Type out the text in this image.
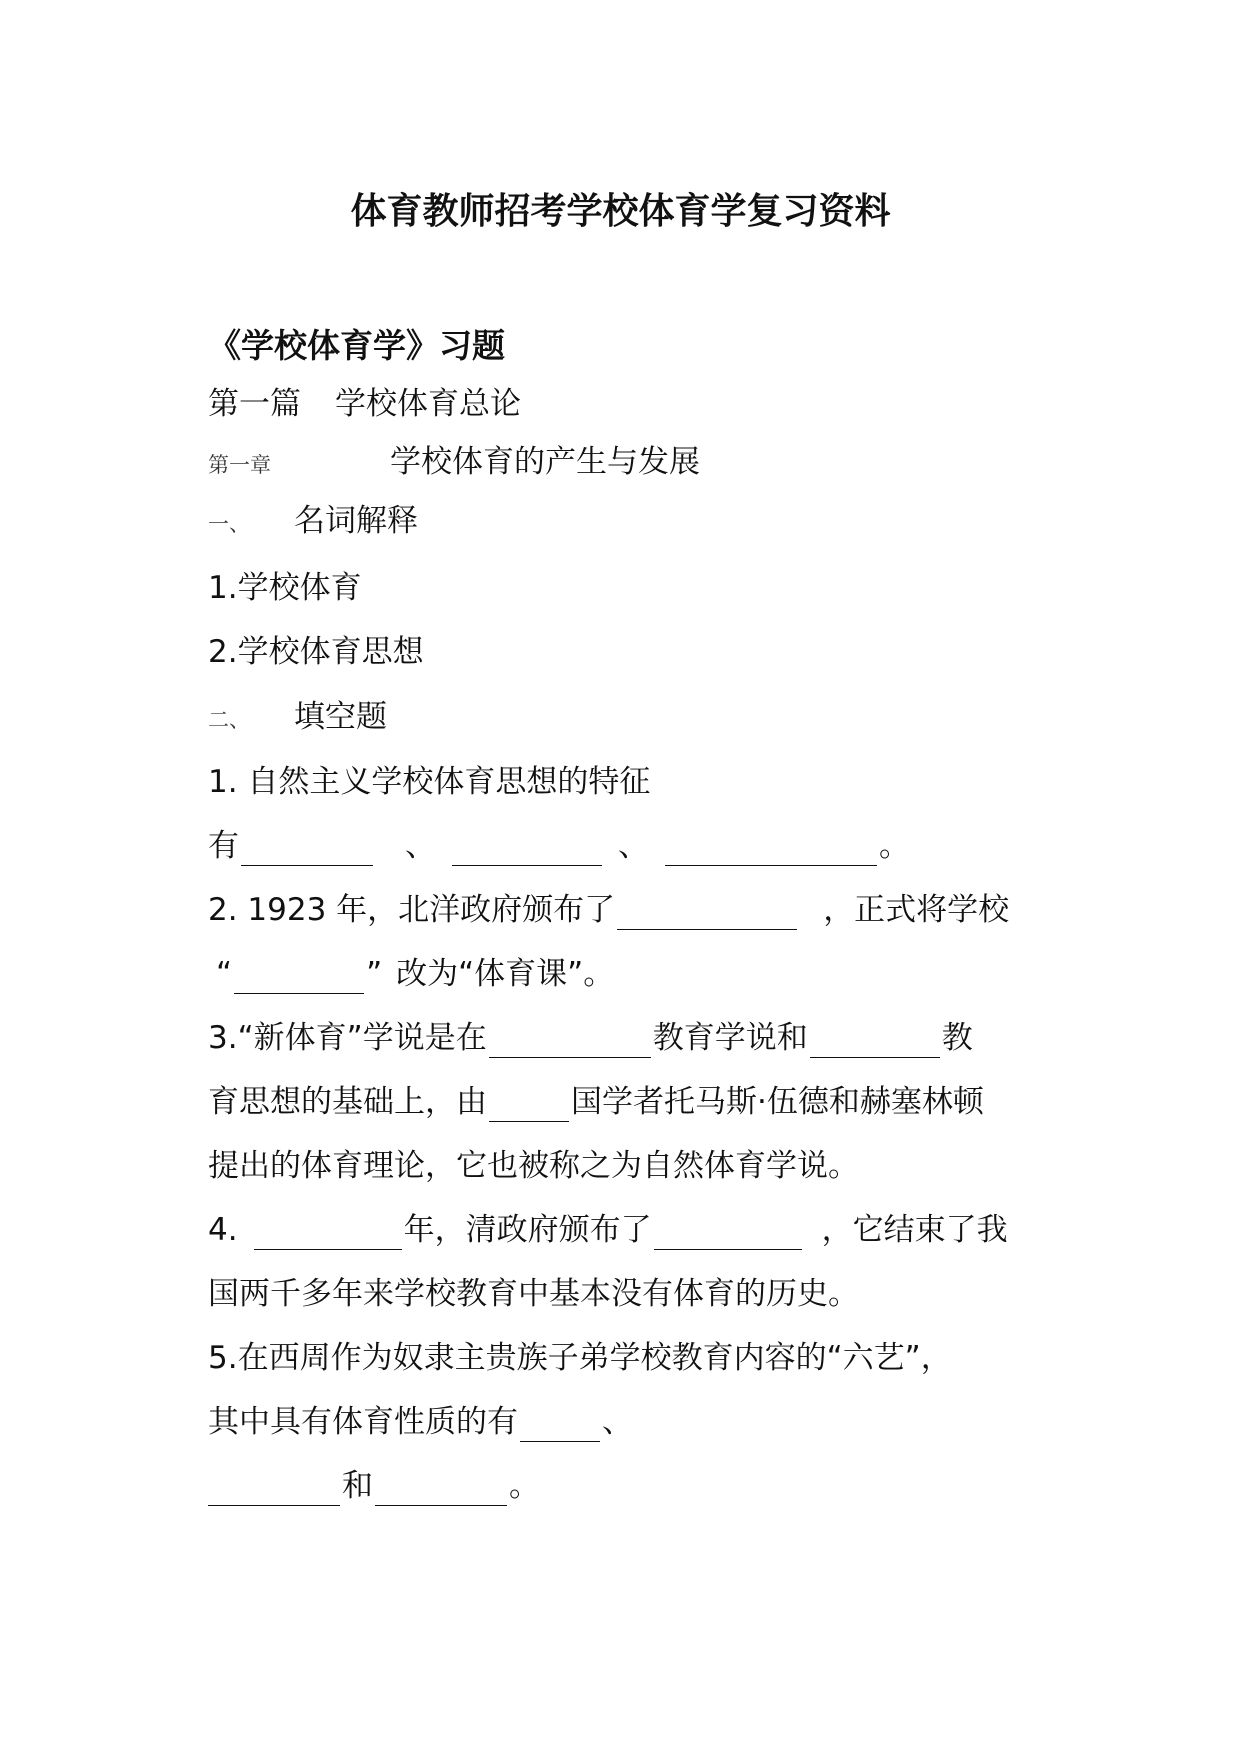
体育教师招考学校体育学复习资料
《学校体育学》习题
第一篇 学校体育总论
第一章	学校体育的产生与发展
一、 名词解释
1.学校体育
2.学校体育思想
二、 填空题
1. 自然主义学校体育思想的特征
有	、	、	。
2. 1923 年，北洋政府颁布了	，正式将学校
“	” 改为“体育课”。
3.“新体育”学说是在	教育学说和	教
育思想的基础上，由	国学者托马斯·伍德和赫塞林顿
提出的体育理论，它也被称之为自然体育学说。
4.	年，清政府颁布了	，它结束了我
国两千多年来学校教育中基本没有体育的历史。
5.在西周作为奴隶主贵族子弟学校教育内容的“六艺”，
其中具有体育性质的有	、
和	。
